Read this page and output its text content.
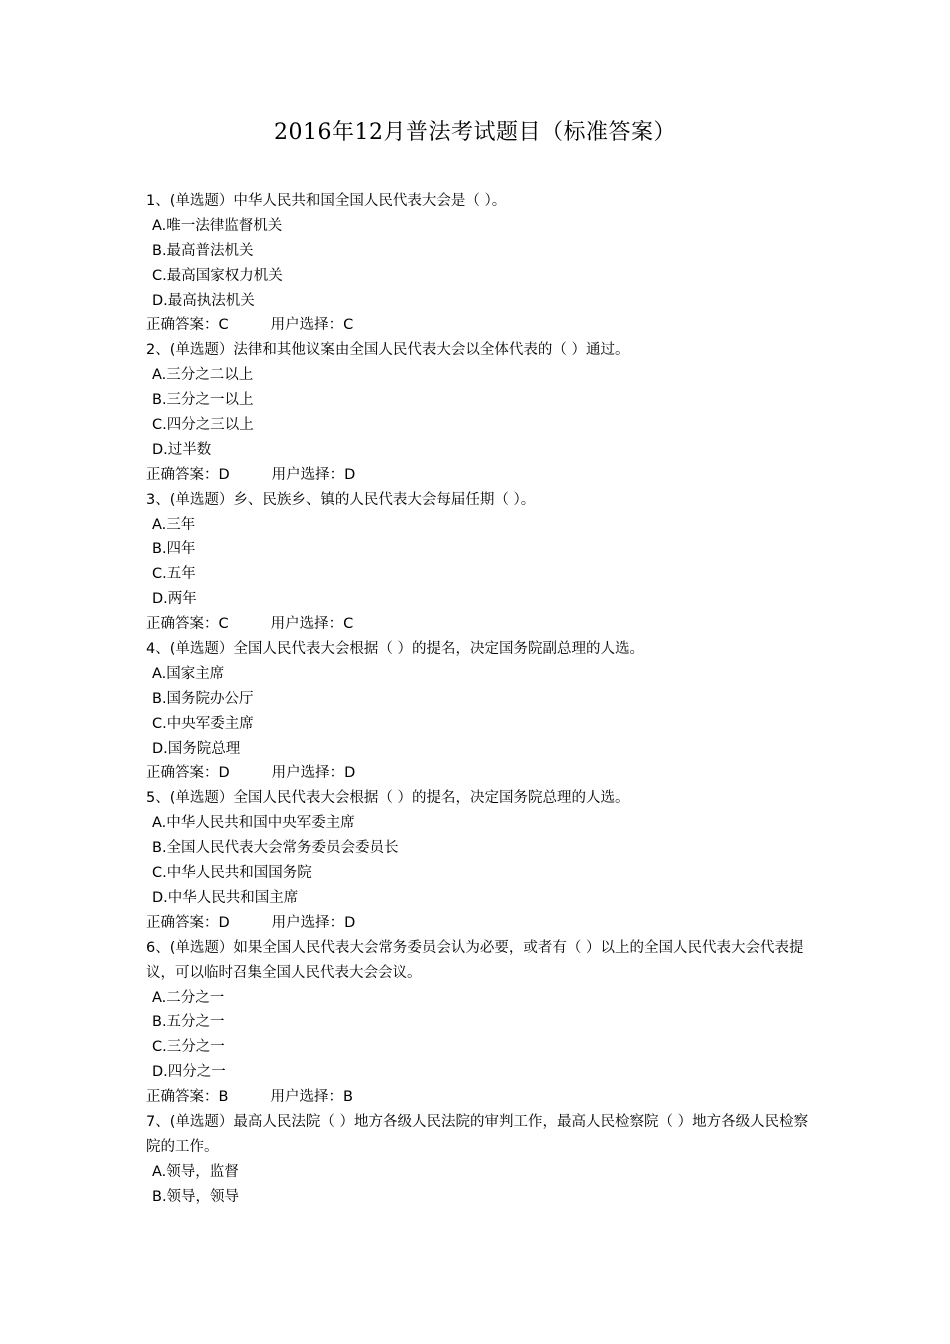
2016年12月普法考试题目（标准答案）

1、(单选题）中华人民共和国全国人民代表大会是（ ）。

A.唯一法律监督机关

B.最高普法机关

C.最高国家权力机关

D.最高执法机关

正确答案：C	用户选择：C

2、(单选题）法律和其他议案由全国人民代表大会以全体代表的（ ）通过。

A.三分之二以上

B.三分之一以上

C.四分之三以上

D.过半数

正确答案：D	用户选择：D

3、(单选题）乡、民族乡、镇的人民代表大会每届任期（ ）。

A.三年

B.四年

C.五年

D.两年

正确答案：C	用户选择：C

4、(单选题）全国人民代表大会根据（ ）的提名，决定国务院副总理的人选。

A.国家主席

B.国务院办公厅

C.中央军委主席

D.国务院总理

正确答案：D	用户选择：D

5、(单选题）全国人民代表大会根据（ ）的提名，决定国务院总理的人选。

A.中华人民共和国中央军委主席

B.全国人民代表大会常务委员会委员长

C.中华人民共和国国务院

D.中华人民共和国主席

正确答案：D	用户选择：D

6、(单选题）如果全国人民代表大会常务委员会认为必要，或者有（ ）以上的全国人民代表大会代表提议，可以临时召集全国人民代表大会会议。

A.二分之一

B.五分之一

C.三分之一

D.四分之一

正确答案：B	用户选择：B

7、(单选题）最高人民法院（ ）地方各级人民法院的审判工作，最高人民检察院（ ）地方各级人民检察院的工作。

A.领导，监督

B.领导，领导
